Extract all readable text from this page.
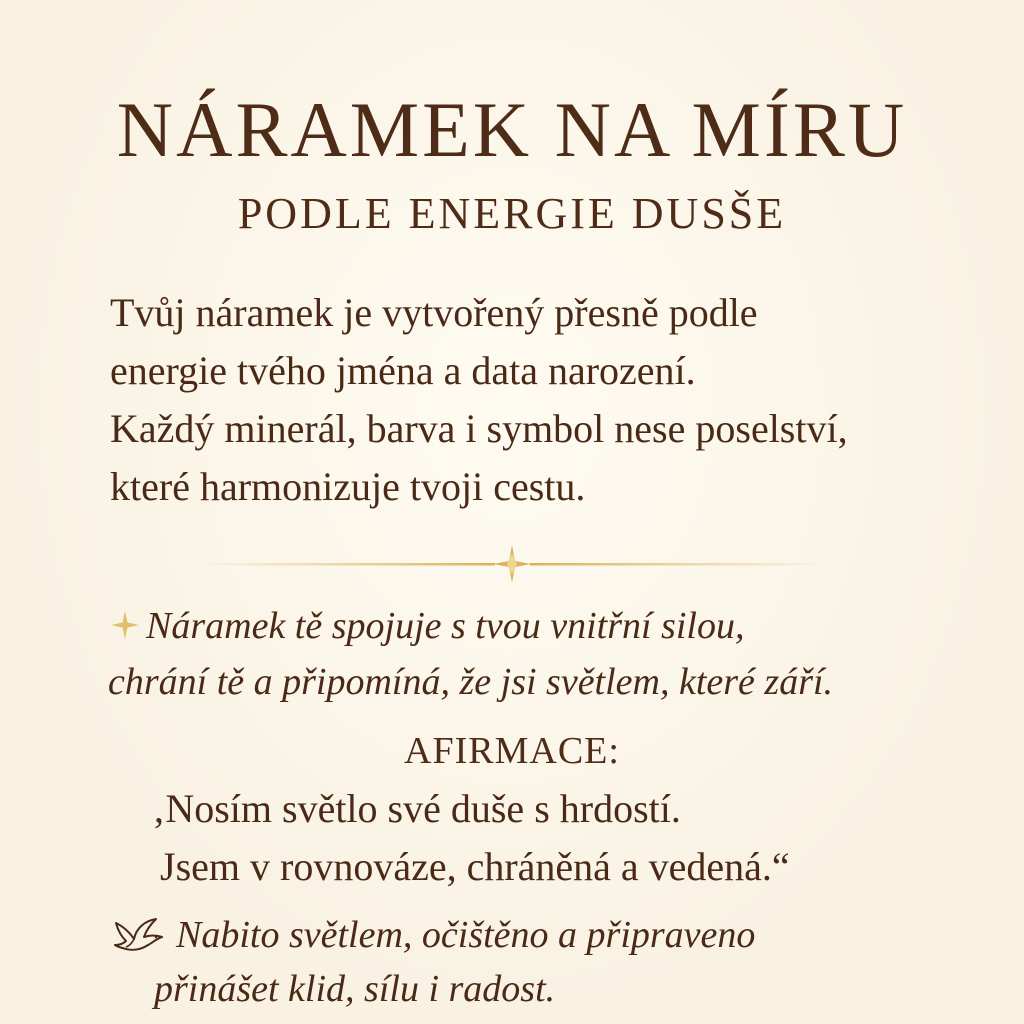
NÁRAMEK NA MÍRU
PODLE ENERGIE DUSŠE
Tvůj náramek je vytvořený přesně podle
energie tvého jména a data narození.
Každý minerál, barva i symbol nese poselství,
které harmonizuje tvoji cestu.
Náramek tě spojuje s tvou vnitřní silou,
chrání tě a připomíná, že jsi světlem, které září.
AFIRMACE:
‚Nosím světlo své duše s hrdostí.
Jsem v rovnováze, chráněná a vedená.“
Nabito světlem, očištěno a připraveno
přinášet klid, sílu i radost.
